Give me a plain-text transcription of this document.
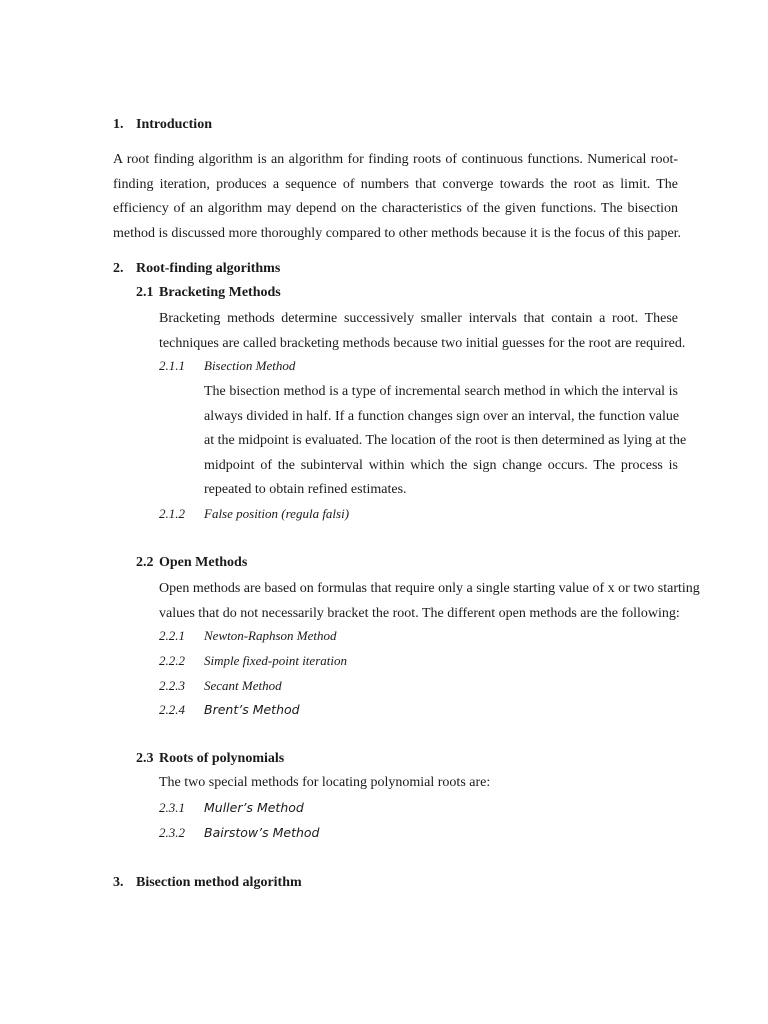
1. Introduction
A root finding algorithm is an algorithm for finding roots of continuous functions. Numerical root-
finding iteration, produces a sequence of numbers that converge towards the root as limit. The
efficiency of an algorithm may depend on the characteristics of the given functions. The bisection
method is discussed more thoroughly compared to other methods because it is the focus of this paper.
2. Root-finding algorithms
2.1 Bracketing Methods
Bracketing methods determine successively smaller intervals that contain a root. These
techniques are called bracketing methods because two initial guesses for the root are required.
2.1.1 Bisection Method
The bisection method is a type of incremental search method in which the interval is
always divided in half. If a function changes sign over an interval, the function value
at the midpoint is evaluated. The location of the root is then determined as lying at the
midpoint of the subinterval within which the sign change occurs. The process is
repeated to obtain refined estimates.
2.1.2 False position (regula falsi)
2.2 Open Methods
Open methods are based on formulas that require only a single starting value of x or two starting
values that do not necessarily bracket the root. The different open methods are the following:
2.2.1 Newton-Raphson Method
2.2.2 Simple fixed-point iteration
2.2.3 Secant Method
2.2.4 Brent’s Method
2.3 Roots of polynomials
The two special methods for locating polynomial roots are:
2.3.1 Muller’s Method
2.3.2 Bairstow’s Method
3. Bisection method algorithm
